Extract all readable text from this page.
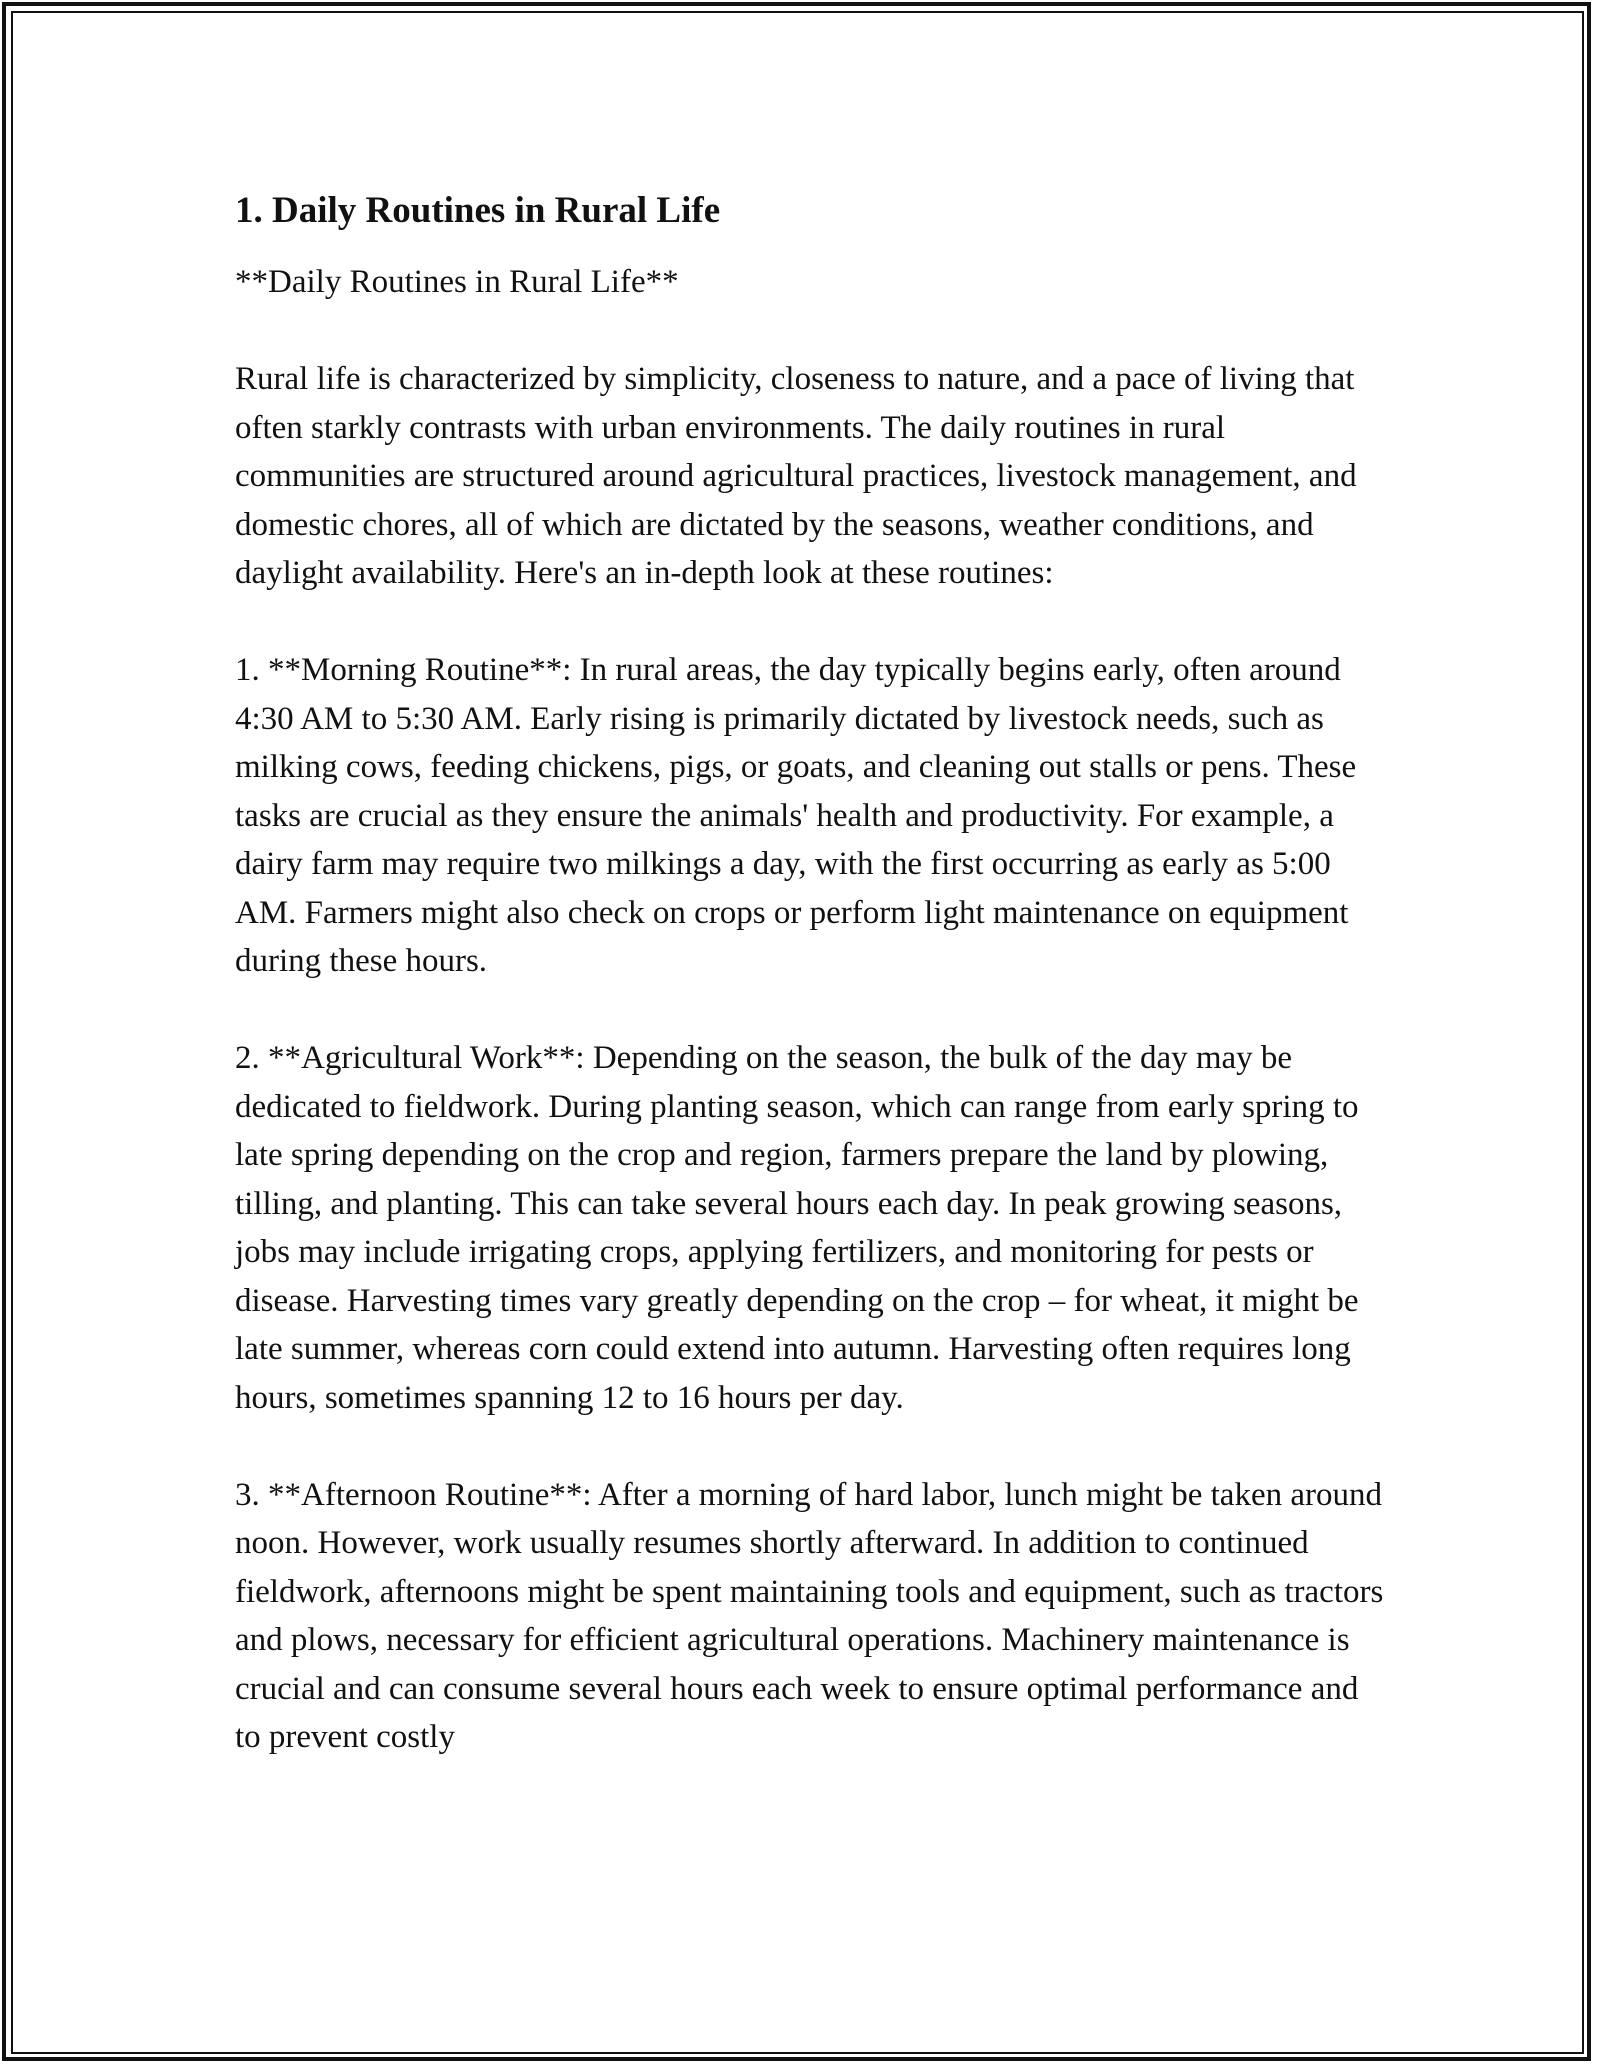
1. Daily Routines in Rural Life

**Daily Routines in Rural Life**

Rural life is characterized by simplicity, closeness to nature, and a pace of living that often starkly contrasts with urban environments. The daily routines in rural communities are structured around agricultural practices, livestock management, and domestic chores, all of which are dictated by the seasons, weather conditions, and daylight availability. Here's an in-depth look at these routines:

1. **Morning Routine**: In rural areas, the day typically begins early, often around 4:30 AM to 5:30 AM. Early rising is primarily dictated by livestock needs, such as milking cows, feeding chickens, pigs, or goats, and cleaning out stalls or pens. These tasks are crucial as they ensure the animals' health and productivity. For example, a dairy farm may require two milkings a day, with the first occurring as early as 5:00 AM. Farmers might also check on crops or perform light maintenance on equipment during these hours.

2. **Agricultural Work**: Depending on the season, the bulk of the day may be dedicated to fieldwork. During planting season, which can range from early spring to late spring depending on the crop and region, farmers prepare the land by plowing, tilling, and planting. This can take several hours each day. In peak growing seasons, jobs may include irrigating crops, applying fertilizers, and monitoring for pests or disease. Harvesting times vary greatly depending on the crop – for wheat, it might be late summer, whereas corn could extend into autumn. Harvesting often requires long hours, sometimes spanning 12 to 16 hours per day.

3. **Afternoon Routine**: After a morning of hard labor, lunch might be taken around noon. However, work usually resumes shortly afterward. In addition to continued fieldwork, afternoons might be spent maintaining tools and equipment, such as tractors and plows, necessary for efficient agricultural operations. Machinery maintenance is crucial and can consume several hours each week to ensure optimal performance and to prevent costly
